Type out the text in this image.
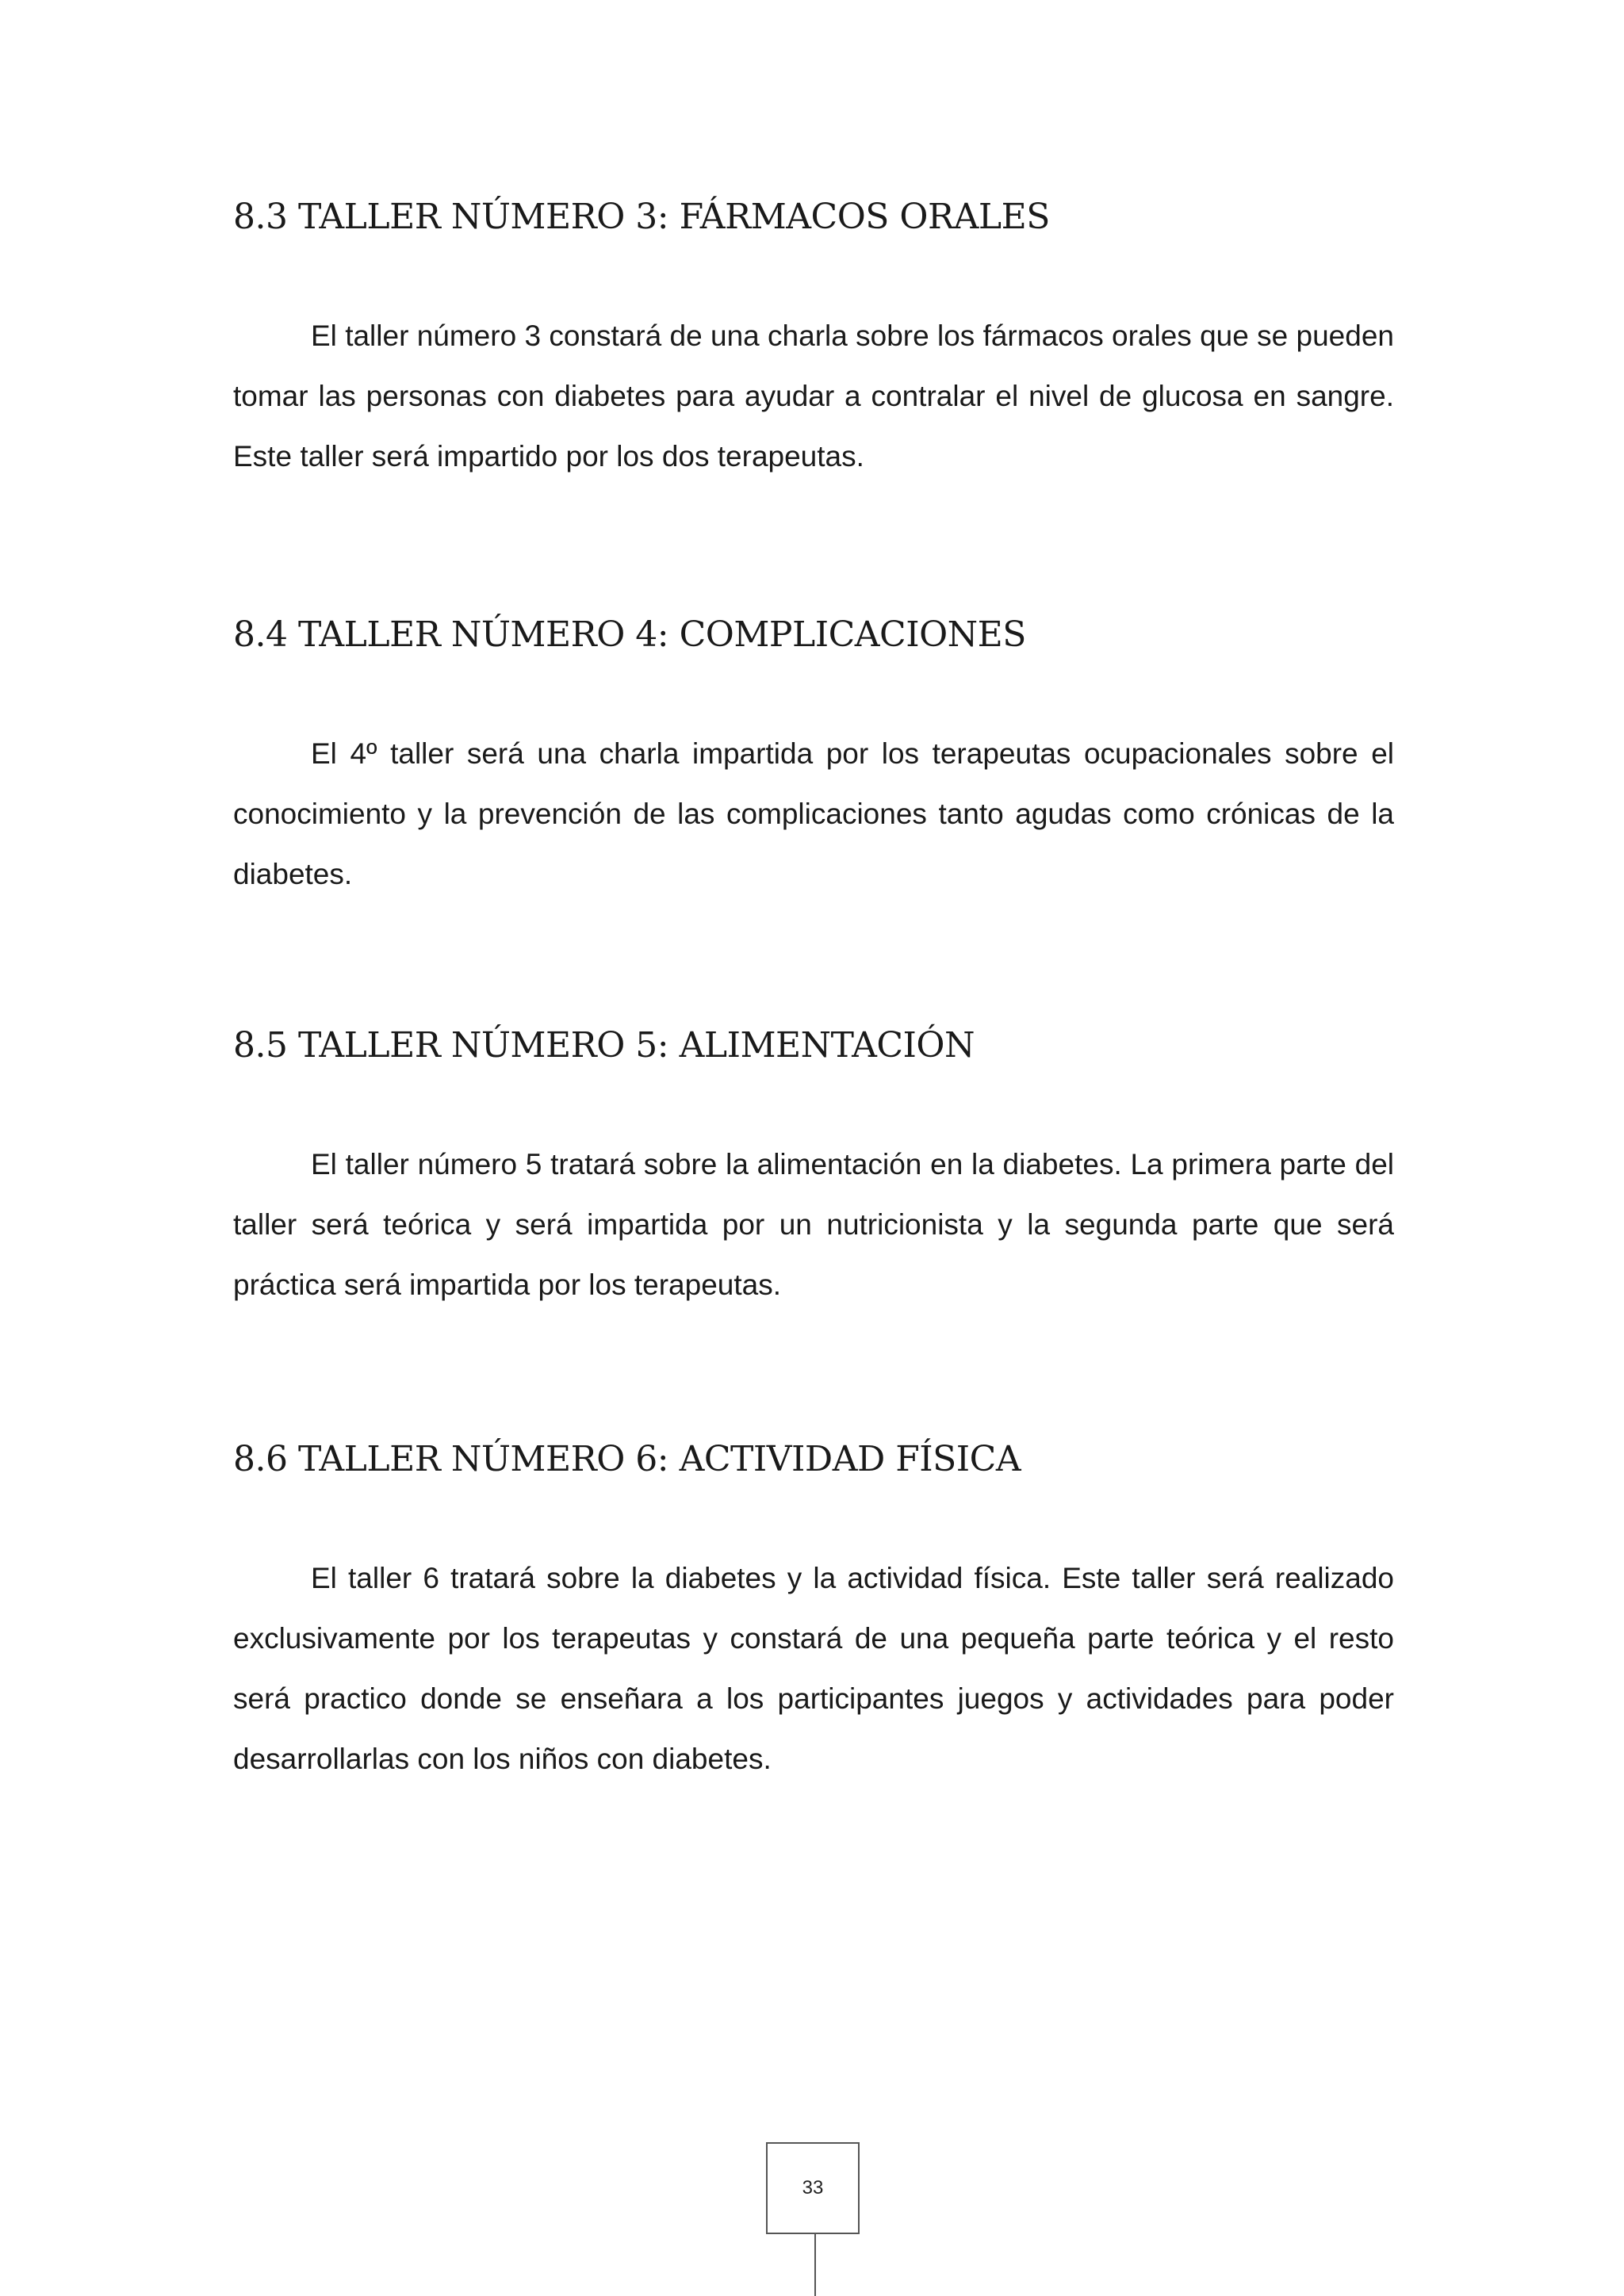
8.3 TALLER NÚMERO 3: FÁRMACOS ORALES

El taller número 3 constará de una charla sobre los fármacos orales que se pueden tomar las personas con diabetes para ayudar a contralar el nivel de glucosa en sangre. Este taller será impartido por los dos terapeutas.

8.4 TALLER NÚMERO 4: COMPLICACIONES

El 4º taller será una charla impartida por los terapeutas ocupacionales sobre el conocimiento y la prevención de las complicaciones tanto agudas como crónicas de la diabetes.

8.5 TALLER NÚMERO 5: ALIMENTACIÓN

El taller número 5 tratará sobre la alimentación en la diabetes. La primera parte del taller será teórica y será impartida por un nutricionista y la segunda parte que será práctica será impartida por los terapeutas.

8.6 TALLER NÚMERO 6: ACTIVIDAD FÍSICA

El taller 6 tratará sobre la diabetes y la actividad física. Este taller será realizado exclusivamente por los terapeutas y constará de una pequeña parte teórica y el resto será practico donde se enseñara a los participantes juegos y actividades para poder desarrollarlas con los niños con diabetes.

33
